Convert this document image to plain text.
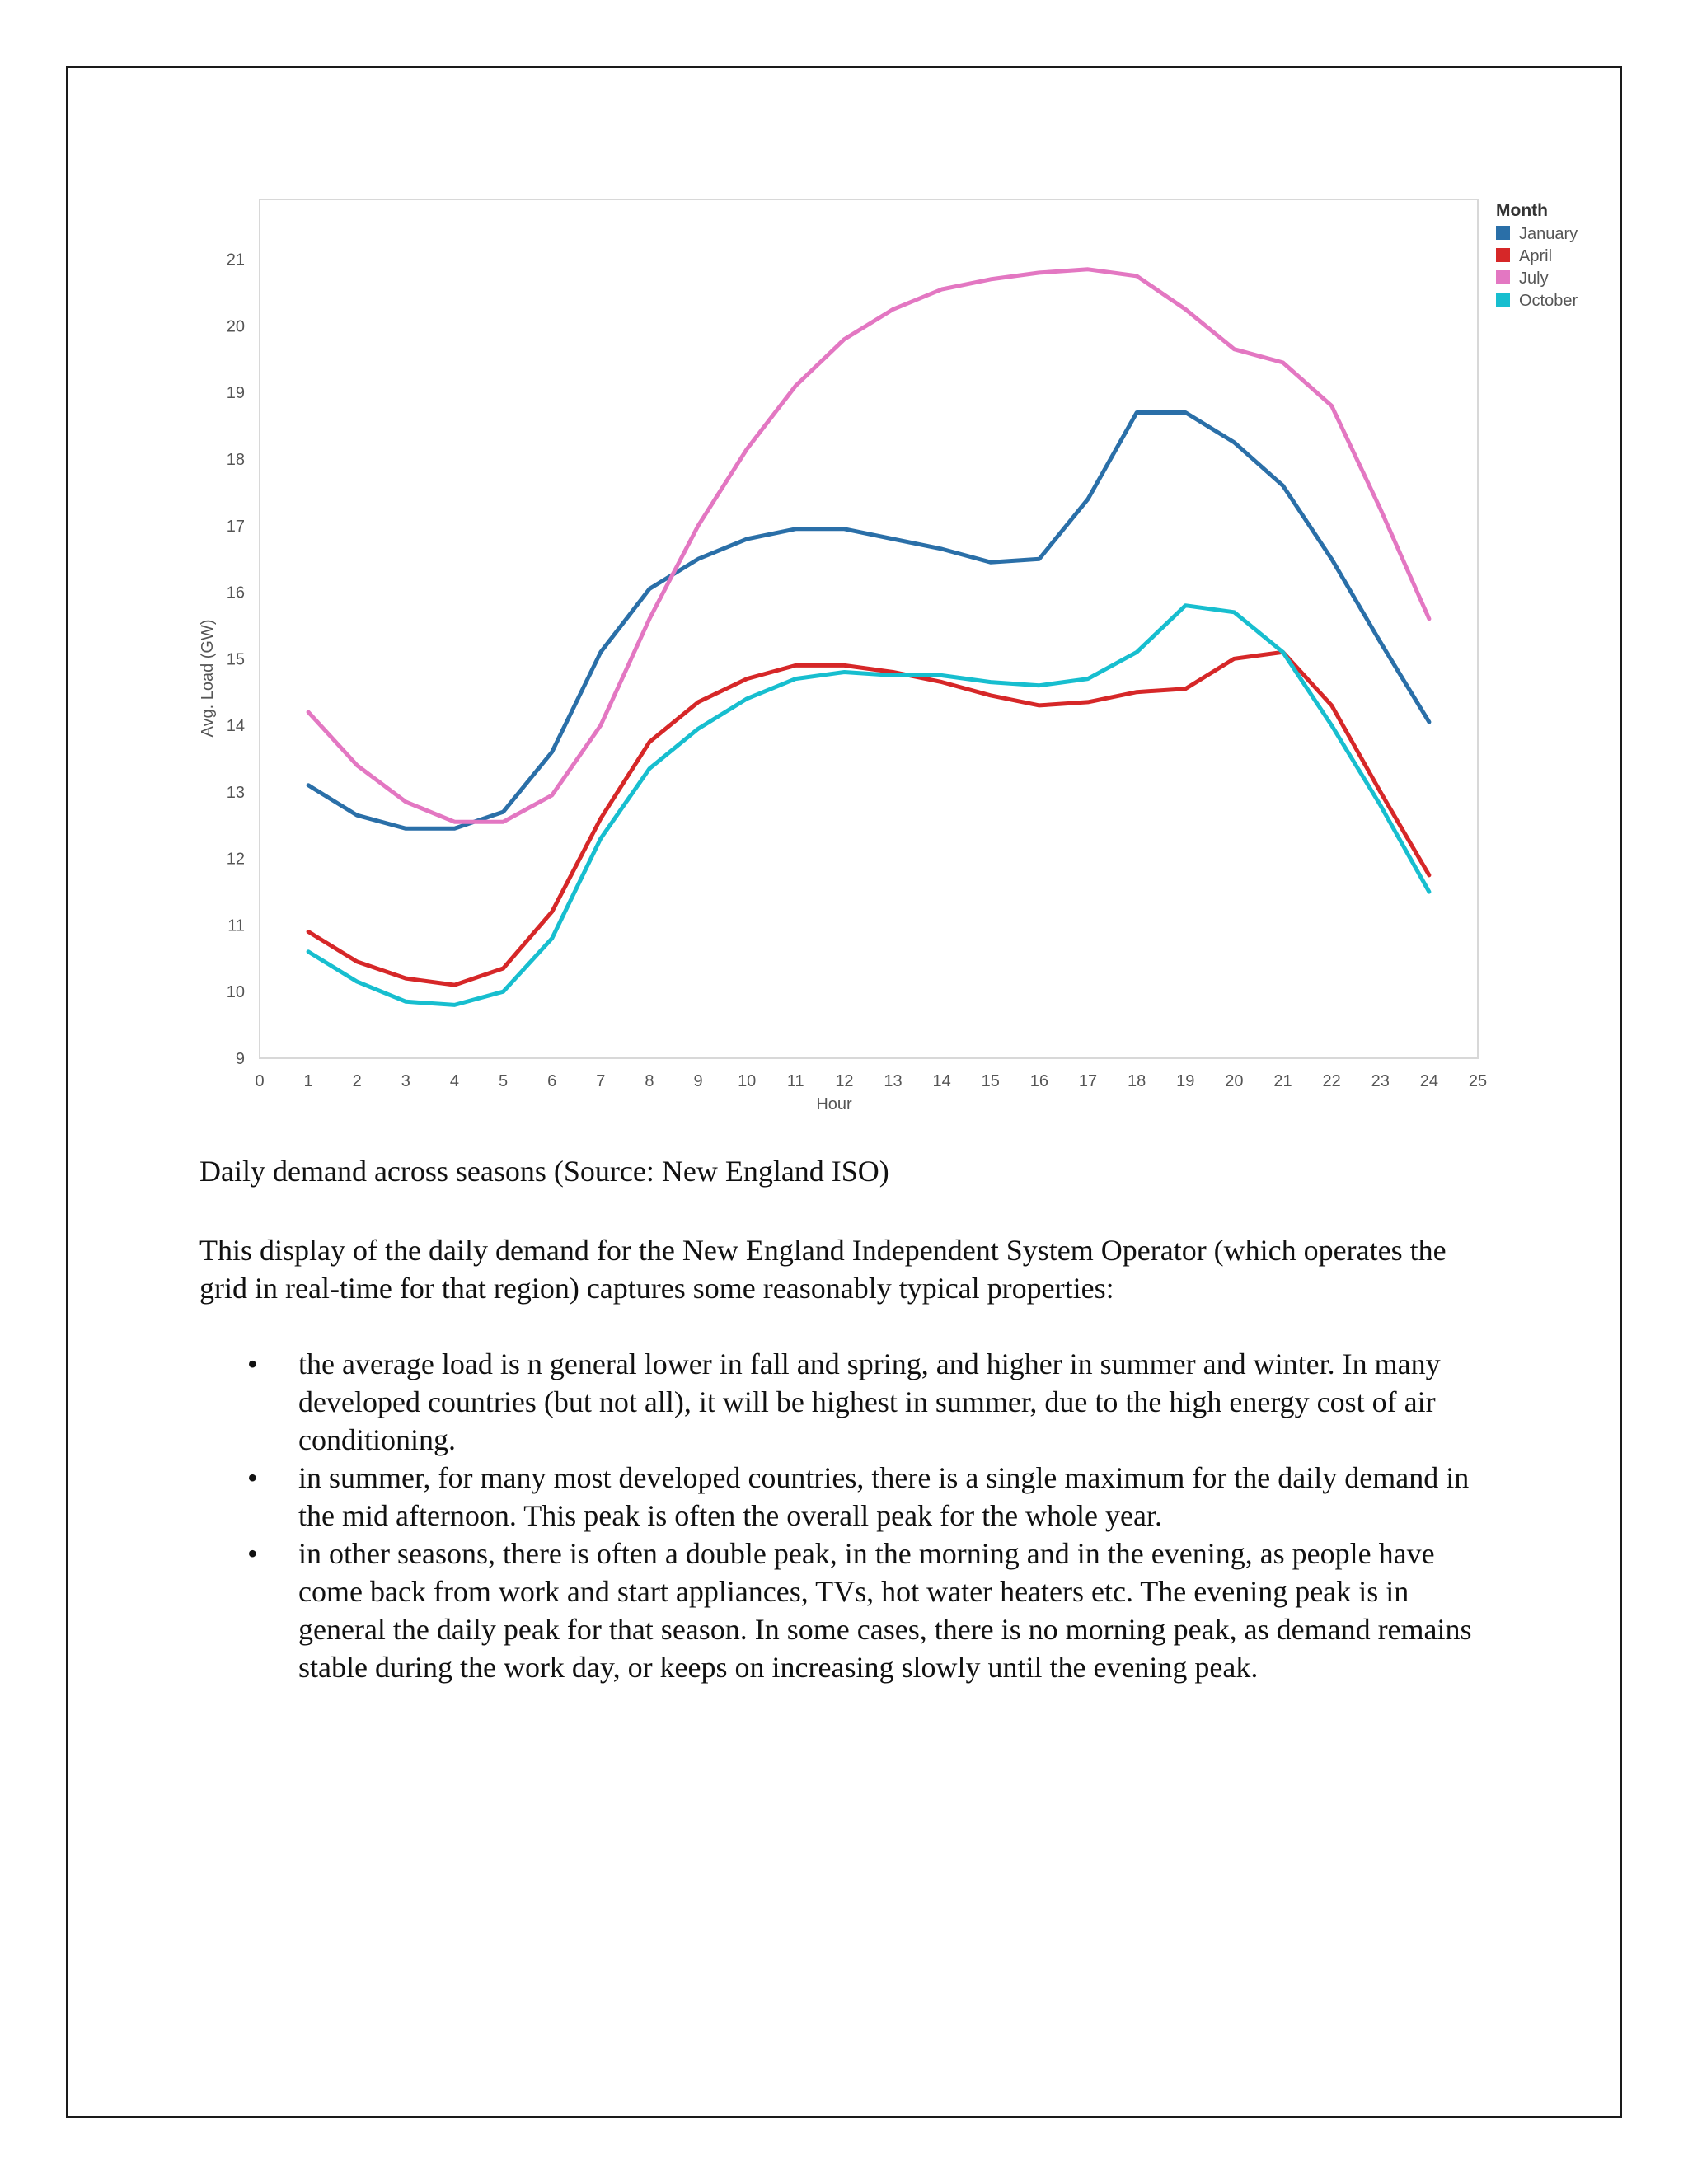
0 1 2 3 4 5 6 7 8 9 10 11 12 13 14 15 16 17 18 19 20 21 22 23 24 25
9
10
11
12
13
14
15
16
17
18
19
20
21
Hour
Avg. Load (GW)
Month
January
April
July
October
Daily demand across seasons (Source: New England ISO)
This display of the daily demand for the New England Independent System Operator (which operates the grid in real-time for that region) captures some reasonably typical properties:
• the average load is n general lower in fall and spring, and higher in summer and winter. In many developed countries (but not all), it will be highest in summer, due to the high energy cost of air conditioning.
• in summer, for many most developed countries, there is a single maximum for the daily demand in the mid afternoon. This peak is often the overall peak for the whole year.
• in other seasons, there is often a double peak, in the morning and in the evening, as people have come back from work and start appliances, TVs, hot water heaters etc. The evening peak is in general the daily peak for that season. In some cases, there is no morning peak, as demand remains stable during the work day, or keeps on increasing slowly until the evening peak.
